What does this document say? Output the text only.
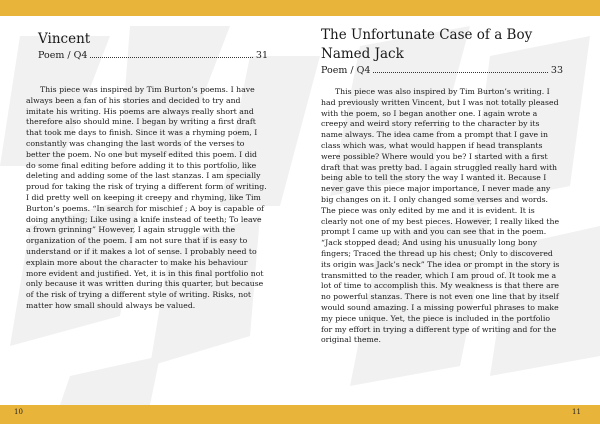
Vincent
Poem / Q4	31

This piece was inspired by Tim Burton’s poems. I have always been a fan of his stories and decided to try and imitate his writing. His poems are always really short and therefore also should mine. I began by writing a first draft that took me days to finish. Since it was a rhyming poem, I constantly was changing the last words of the verses to better the poem. No one but myself edited this poem. I did do some final editing before adding it to this portfolio, like deleting and adding some of the last stanzas. I am specially proud for taking the risk of trying a different form of writing. I did pretty well on keeping it creepy and rhyming, like Tim Burton’s poems. “In search for mischief ; A boy is capable of doing anything; Like using a knife instead of teeth; To leave a frown grinning” However, I again struggle with the organization of the poem. I am not sure that if is easy to understand or if it makes a lot of sense. I probably need to explain more about the character to make his behaviour more evident and justified. Yet, it is in this final portfolio not only because it was written during this quarter, but because of the risk of trying a different style of writing. Risks, not matter how small should always be valued.

The Unfortunate Case of a Boy Named Jack
Poem / Q4	33

This piece was also inspired by Tim Burton’s writing. I had previously written Vincent, but I was not totally pleased with the poem, so I began another one. I again wrote a creepy and weird story referring to the character by its name always. The idea came from a prompt that I gave in class which was, what would happen if head transplants were possible? Where would you be? I started with a first draft that was pretty bad. I again struggled really hard with being able to tell the story the way I wanted it. Because I never gave this piece major importance, I never made any big changes on it. I only changed some verses and words. The piece was only edited by me and it is evident. It is clearly not one of my best pieces. However, I really liked the prompt I came up with and you can see that in the poem. “Jack stopped dead; And using his unusually long bony fingers; Traced the thread up his chest; Only to discovered its origin was Jack’s neck” The idea or prompt in the story is transmitted to the reader, which I am proud of. It took me a lot of time to accomplish this. My weakness is that there are no powerful stanzas. There is not even one line that by itself would sound amazing. I a missing powerful phrases to make my piece unique. Yet, the piece is included in the portfolio for my effort in trying a different type of writing and for the original theme.

10	11
